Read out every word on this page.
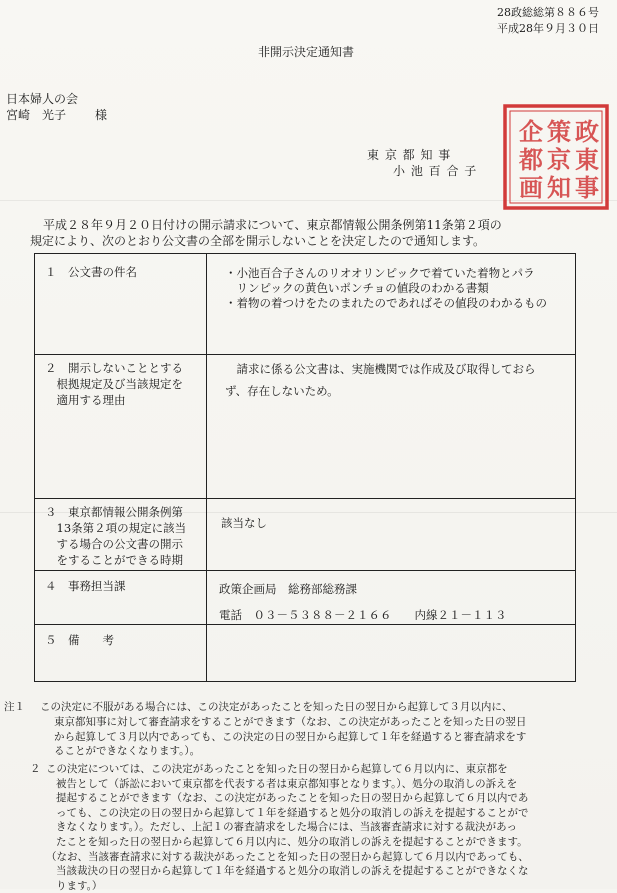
28政総総第８８６号
平成28年９月３０日
非開示決定通知書
日本婦人の会
宮崎　光子 様
東 京 都 知 事
小 池 百 合 子
政
東
事
策
京
知
企
都
画
平成２８年９月２０日付けの開示請求について、東京都情報公開条例第11条第２項の
規定により、次のとおり公文書の全部を開示しないことを決定したので通知します。
１　公文書の件名	・小池百合子さんのリオオリンピックで着ていた着物とパラ
　リンピックの黄色いポンチョの値段のわかる書類
・着物の着つけをたのまれたのであればその値段のわかるもの
２　開示しないこととする
　根拠規定及び当該規定を
　適用する理由
　請求に係る公文書は、実施機関では作成及び取得しておら
ず、存在しないため。
３　東京都情報公開条例第
　13条第２項の規定に該当
　する場合の公文書の開示
　をすることができる時期
該当なし
４　事務担当課	政策企画局　総務部総務課
電話　０３－５３８８－２１６６　　内線２１－１１３
５　備　　考
注１ この決定に不服がある場合には、この決定があったことを知った日の翌日から起算して３月以内に、
東京都知事に対して審査請求をすることができます（なお、この決定があったことを知った日の翌日
から起算して３月以内であっても、この決定の日の翌日から起算して１年を経過すると審査請求をす
ることができなくなります。）。
２ この決定については、この決定があったことを知った日の翌日から起算して６月以内に、東京都を
被告として（訴訟において東京都を代表する者は東京都知事となります。）、処分の取消しの訴えを
提起することができます（なお、この決定があったことを知った日の翌日から起算して６月以内であ
っても、この決定の日の翌日から起算して１年を経過すると処分の取消しの訴えを提起することがで
きなくなります。）。ただし、上記１の審査請求をした場合には、当該審査請求に対する裁決があっ
たことを知った日の翌日から起算して６月以内に、処分の取消しの訴えを提起することができます。
（なお、当該審査請求に対する裁決があったことを知った日の翌日から起算して６月以内であっても、
当該裁決の日の翌日から起算して１年を経過すると処分の取消しの訴えを提起することができなくな
ります。）
